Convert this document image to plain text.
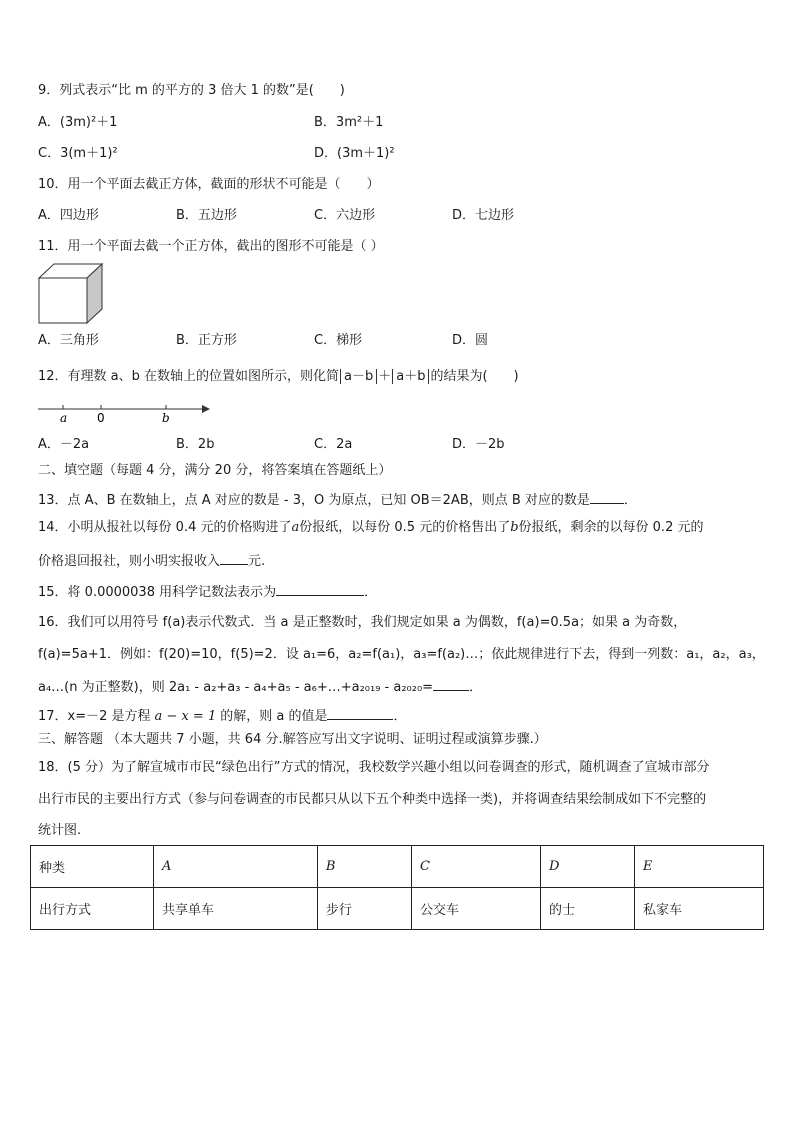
9．列式表示“比 m 的平方的 3 倍大 1 的数”是(　　)
A．(3m)²＋1	B．3m²＋1
C．3(m＋1)²	D．(3m＋1)²
10．用一个平面去截正方体，截面的形状不可能是（　　）
A．四边形	B．五边形	C．六边形	D．七边形
11．用一个平面去截一个正方体，截出的图形不可能是（ ）
A．三角形	B．正方形	C．梯形	D．圆
12．有理数 a、b 在数轴上的位置如图所示，则化简 a－b ＋ a＋b 的结果为(　　)
a 0	b
A．－2a	B．2b	C．2a	D．－2b
二、填空题（每题 4 分，满分 20 分，将答案填在答题纸上）
13．点 A、B 在数轴上，点 A 对应的数是 - 3，O 为原点，已知 OB＝2AB，则点 B 对应的数是	．
14．小明从报社以每份 0.4 元的价格购进了a份报纸，以每份 0.5 元的价格售出了b份报纸，剩余的以每份 0.2 元的
价格退回报社，则小明实报收入 元.
15．将 0.0000038 用科学记数法表示为	．
16．我们可以用符号 f(a)表示代数式．当 a 是正整数时，我们规定如果 a 为偶数，f(a)=0.5a；如果 a 为奇数，
f(a)=5a+1．例如：f(20)=10，f(5)=2．设 a₁=6，a₂=f(a₁)，a₃=f(a₂)…；依此规律进行下去，得到一列数：a₁，a₂，a₃，
a₄…(n 为正整数)，则 2a₁ - a₂+a₃ - a₄+a₅ - a₆+…+a₂₀₁₉ - a₂₀₂₀=	．
17．x=－2 是方程 a − x = 1 的解，则 a 的值是	．
三、解答题 （本大题共 7 小题，共 64 分.解答应写出文字说明、证明过程或演算步骤.）
18．(5 分）为了解宣城市市民“绿色出行”方式的情况，我校数学兴趣小组以问卷调查的形式，随机调查了宣城市部分
出行市民的主要出行方式（参与问卷调查的市民都只从以下五个种类中选择一类)，并将调查结果绘制成如下不完整的
统计图.
种类	A	B	C	D	E
出行方式	共享单车	步行	公交车	的士	私家车
